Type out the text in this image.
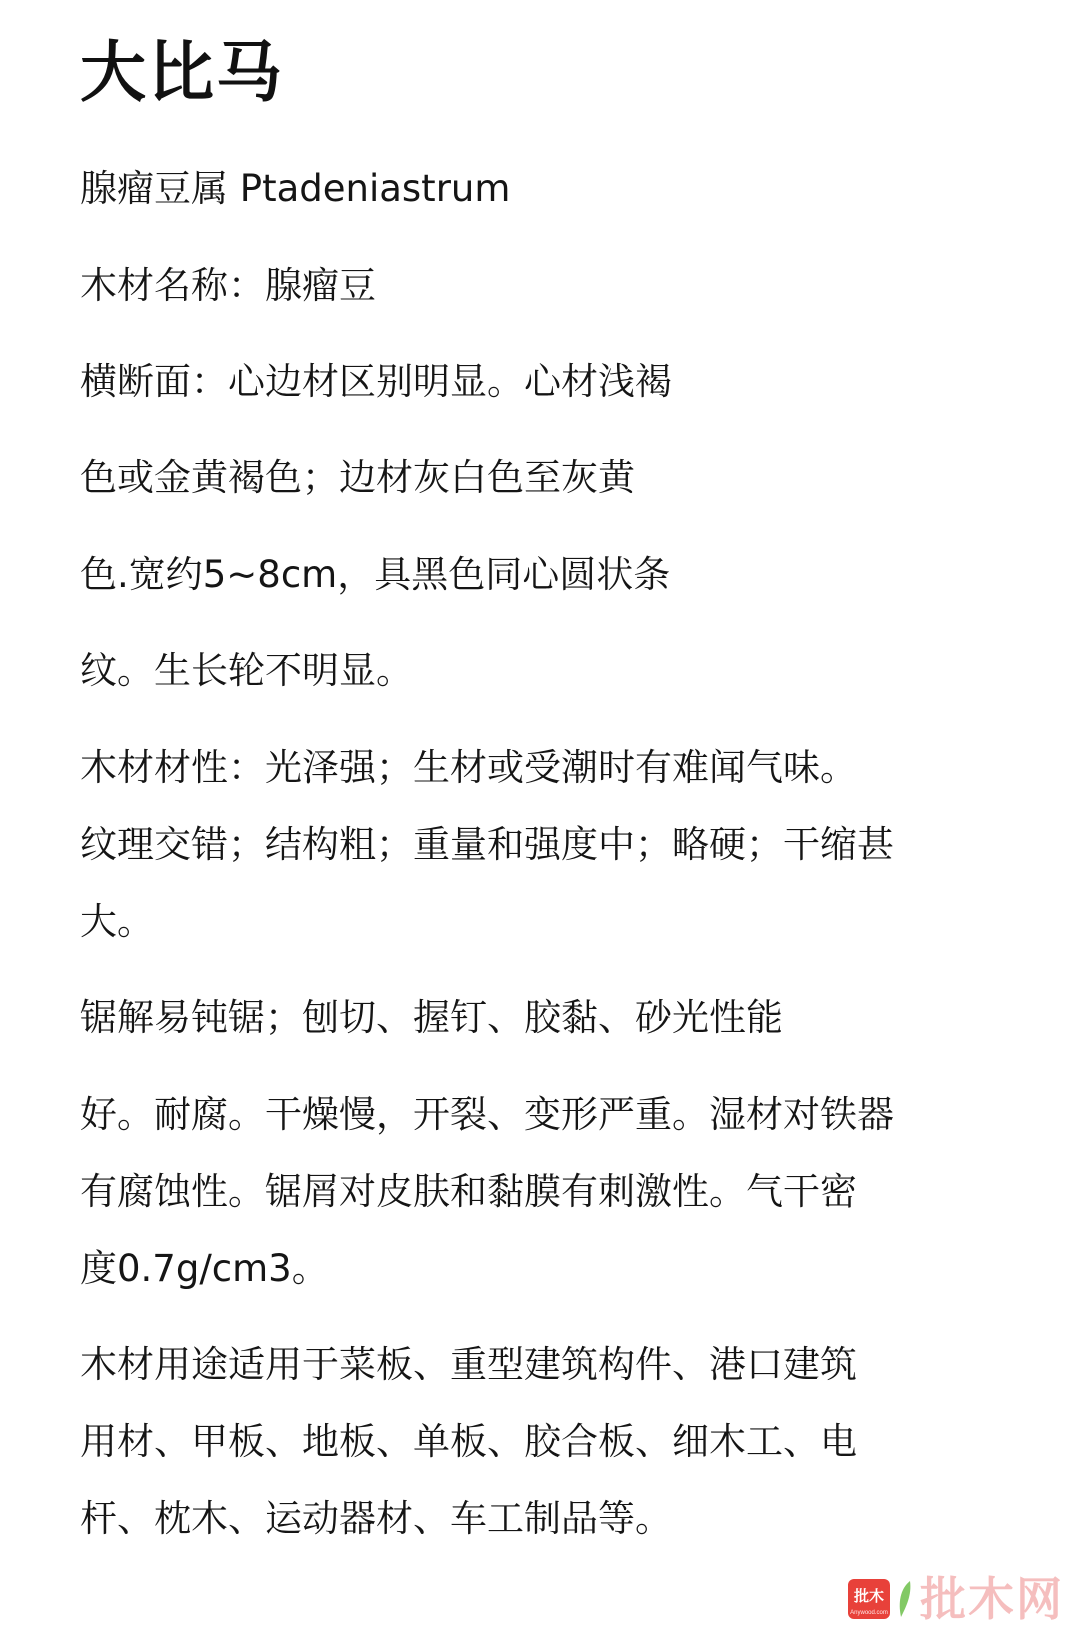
大比马
腺瘤豆属 Ptadeniastrum
木材名称：腺瘤豆
横断面：心边材区别明显。心材浅褐
色或金黄褐色；边材灰白色至灰黄
色.宽约5~8cm，具黑色同心圆状条
纹。生长轮不明显。
木材材性：光泽强；生材或受潮时有难闻气味。
纹理交错；结构粗；重量和强度中；略硬；干缩甚
大。
锯解易钝锯；刨切、握钉、胶黏、砂光性能
好。耐腐。干燥慢，开裂、变形严重。湿材对铁器
有腐蚀性。锯屑对皮肤和黏膜有刺激性。气干密
度0.7g/cm3。
木材用途适用于菜板、重型建筑构件、港口建筑
用材、甲板、地板、单板、胶合板、细木工、电
杆、枕木、运动器材、车工制品等。
批木
Anywood.com 批木网
